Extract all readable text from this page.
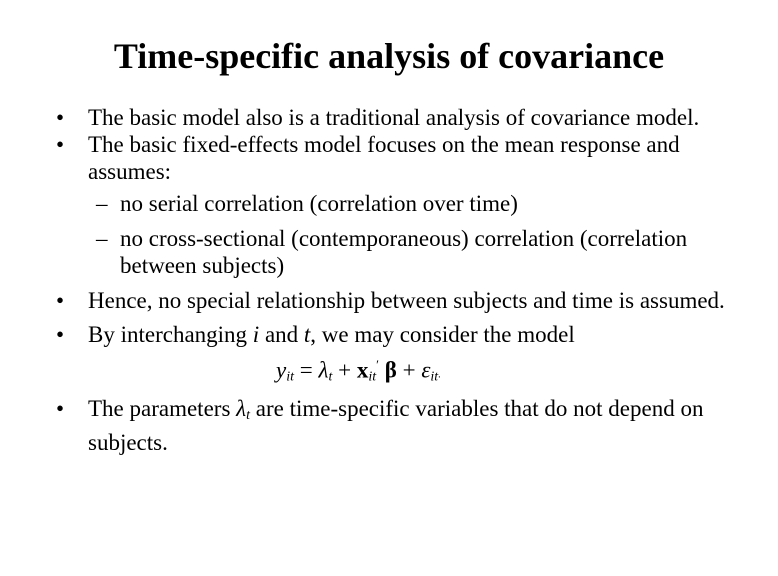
Time-specific analysis of covariance
• The basic model also is a traditional analysis of covariance model.
• The basic fixed-effects model focuses on the mean response and assumes:
– no serial correlation (correlation over time)
– no cross-sectional (contemporaneous) correlation (correlation between subjects)
• Hence, no special relationship between subjects and time is assumed.
• By interchanging i and t, we may consider the model
$y_{it} = \lambda_t + x_{it}'$ $\beta + \varepsilon_{it}$.
• The parameters $\lambda_t$ are time-specific variables that do not depend on subjects.
